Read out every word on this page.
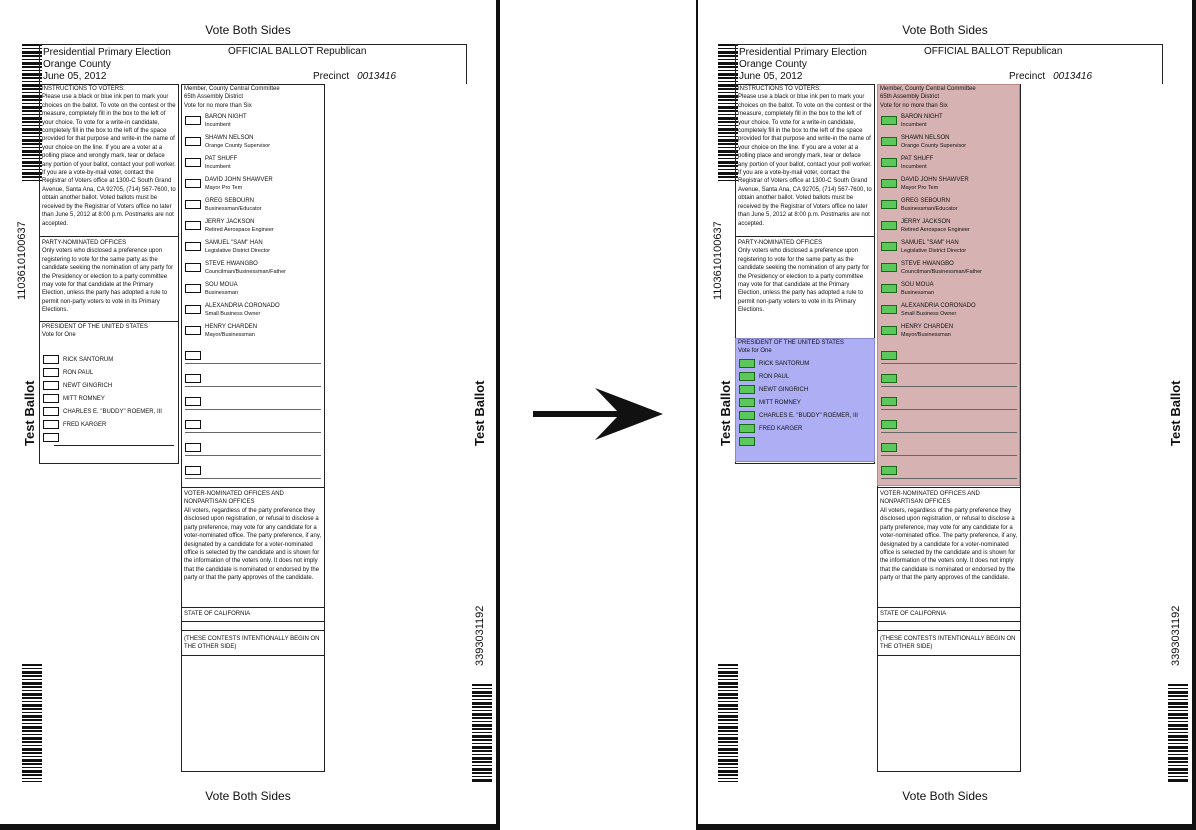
Vote Both Sides
1103610100637
Test Ballot	Test Ballot
3393031192
Presidential Primary Election	OFFICIAL BALLOT Republican
Orange County
June 05, 2012	Precinct 0013416
INSTRUCTIONS TO VOTERS:
Please use a black or blue ink pen to mark your choices on the ballot. To vote on the contest or the measure, completely fill in the box to the left of your choice. To vote for a write-in candidate, completely fill in the box to the left of the space provided for that purpose and write-in the name of your choice on the line. If you are a voter at a polling place and wrongly mark, tear or deface any portion of your ballot, contact your poll worker. If you are a vote-by-mail voter, contact the Registrar of Voters office at 1300-C South Grand Avenue, Santa Ana, CA 92705, (714) 567-7600, to obtain another ballot. Voted ballots must be received by the Registrar of Voters office no later than June 5, 2012 at 8:00 p.m. Postmarks are not accepted.
PARTY-NOMINATED OFFICES
Only voters who disclosed a preference upon registering to vote for the same party as the candidate seeking the nomination of any party for the Presidency or election to a party committee may vote for that candidate at the Primary Election, unless the party has adopted a rule to permit non-party voters to vote in its Primary Elections.
PRESIDENT OF THE UNITED STATES
Vote for One
RICK SANTORUM
RON PAUL
NEWT GINGRICH
MITT ROMNEY
CHARLES E. "BUDDY" ROEMER, III
FRED KARGER
Member, County Central Committee
65th Assembly District
Vote for no more than Six
BARON NIGHT
Incumbent
SHAWN NELSON
Orange County Supervisor
PAT SHUFF
Incumbent
DAVID JOHN SHAWVER
Mayor Pro Tem
GREG SEBOURN
Businessman/Educator
JERRY JACKSON
Retired Aerospace Engineer
SAMUEL "SAM" HAN
Legislative District Director
STEVE HWANGBO
Councilman/Businessman/Father
SOU MOUA
Businessman
ALEXANDRIA CORONADO
Small Business Owner
HENRY CHARDEN
Mayor/Businessman
VOTER-NOMINATED OFFICES AND NONPARTISAN OFFICES
All voters, regardless of the party preference they disclosed upon registration, or refusal to disclose a party preference, may vote for any candidate for a voter-nominated office. The party preference, if any, designated by a candidate for a voter-nominated office is selected by the candidate and is shown for the information of the voters only. It does not imply that the candidate is nominated or endorsed by the party or that the party approves of the candidate.
STATE OF CALIFORNIA
(THESE CONTESTS INTENTIONALLY BEGIN ON THE OTHER SIDE)
Vote Both Sides
Vote Both Sides
1103610100637
Test Ballot	Test Ballot
3393031192
Presidential Primary Election	OFFICIAL BALLOT Republican
Orange County
June 05, 2012	Precinct 0013416
INSTRUCTIONS TO VOTERS:
Please use a black or blue ink pen to mark your choices on the ballot. To vote on the contest or the measure, completely fill in the box to the left of your choice. To vote for a write-in candidate, completely fill in the box to the left of the space provided for that purpose and write-in the name of your choice on the line. If you are a voter at a polling place and wrongly mark, tear or deface any portion of your ballot, contact your poll worker. If you are a vote-by-mail voter, contact the Registrar of Voters office at 1300-C South Grand Avenue, Santa Ana, CA 92705, (714) 567-7600, to obtain another ballot. Voted ballots must be received by the Registrar of Voters office no later than June 5, 2012 at 8:00 p.m. Postmarks are not accepted.
PARTY-NOMINATED OFFICES
Only voters who disclosed a preference upon registering to vote for the same party as the candidate seeking the nomination of any party for the Presidency or election to a party committee may vote for that candidate at the Primary Election, unless the party has adopted a rule to permit non-party voters to vote in its Primary Elections.
PRESIDENT OF THE UNITED STATES
Vote for One
RICK SANTORUM
RON PAUL
NEWT GINGRICH
MITT ROMNEY
CHARLES E. "BUDDY" ROEMER, III
FRED KARGER
Member, County Central Committee
65th Assembly District
Vote for no more than Six
BARON NIGHT
Incumbent
SHAWN NELSON
Orange County Supervisor
PAT SHUFF
Incumbent
DAVID JOHN SHAWVER
Mayor Pro Tem
GREG SEBOURN
Businessman/Educator
JERRY JACKSON
Retired Aerospace Engineer
SAMUEL "SAM" HAN
Legislative District Director
STEVE HWANGBO
Councilman/Businessman/Father
SOU MOUA
Businessman
ALEXANDRIA CORONADO
Small Business Owner
HENRY CHARDEN
Mayor/Businessman
VOTER-NOMINATED OFFICES AND NONPARTISAN OFFICES
All voters, regardless of the party preference they disclosed upon registration, or refusal to disclose a party preference, may vote for any candidate for a voter-nominated office. The party preference, if any, designated by a candidate for a voter-nominated office is selected by the candidate and is shown for the information of the voters only. It does not imply that the candidate is nominated or endorsed by the party or that the party approves of the candidate.
STATE OF CALIFORNIA
(THESE CONTESTS INTENTIONALLY BEGIN ON THE OTHER SIDE)
Vote Both Sides
